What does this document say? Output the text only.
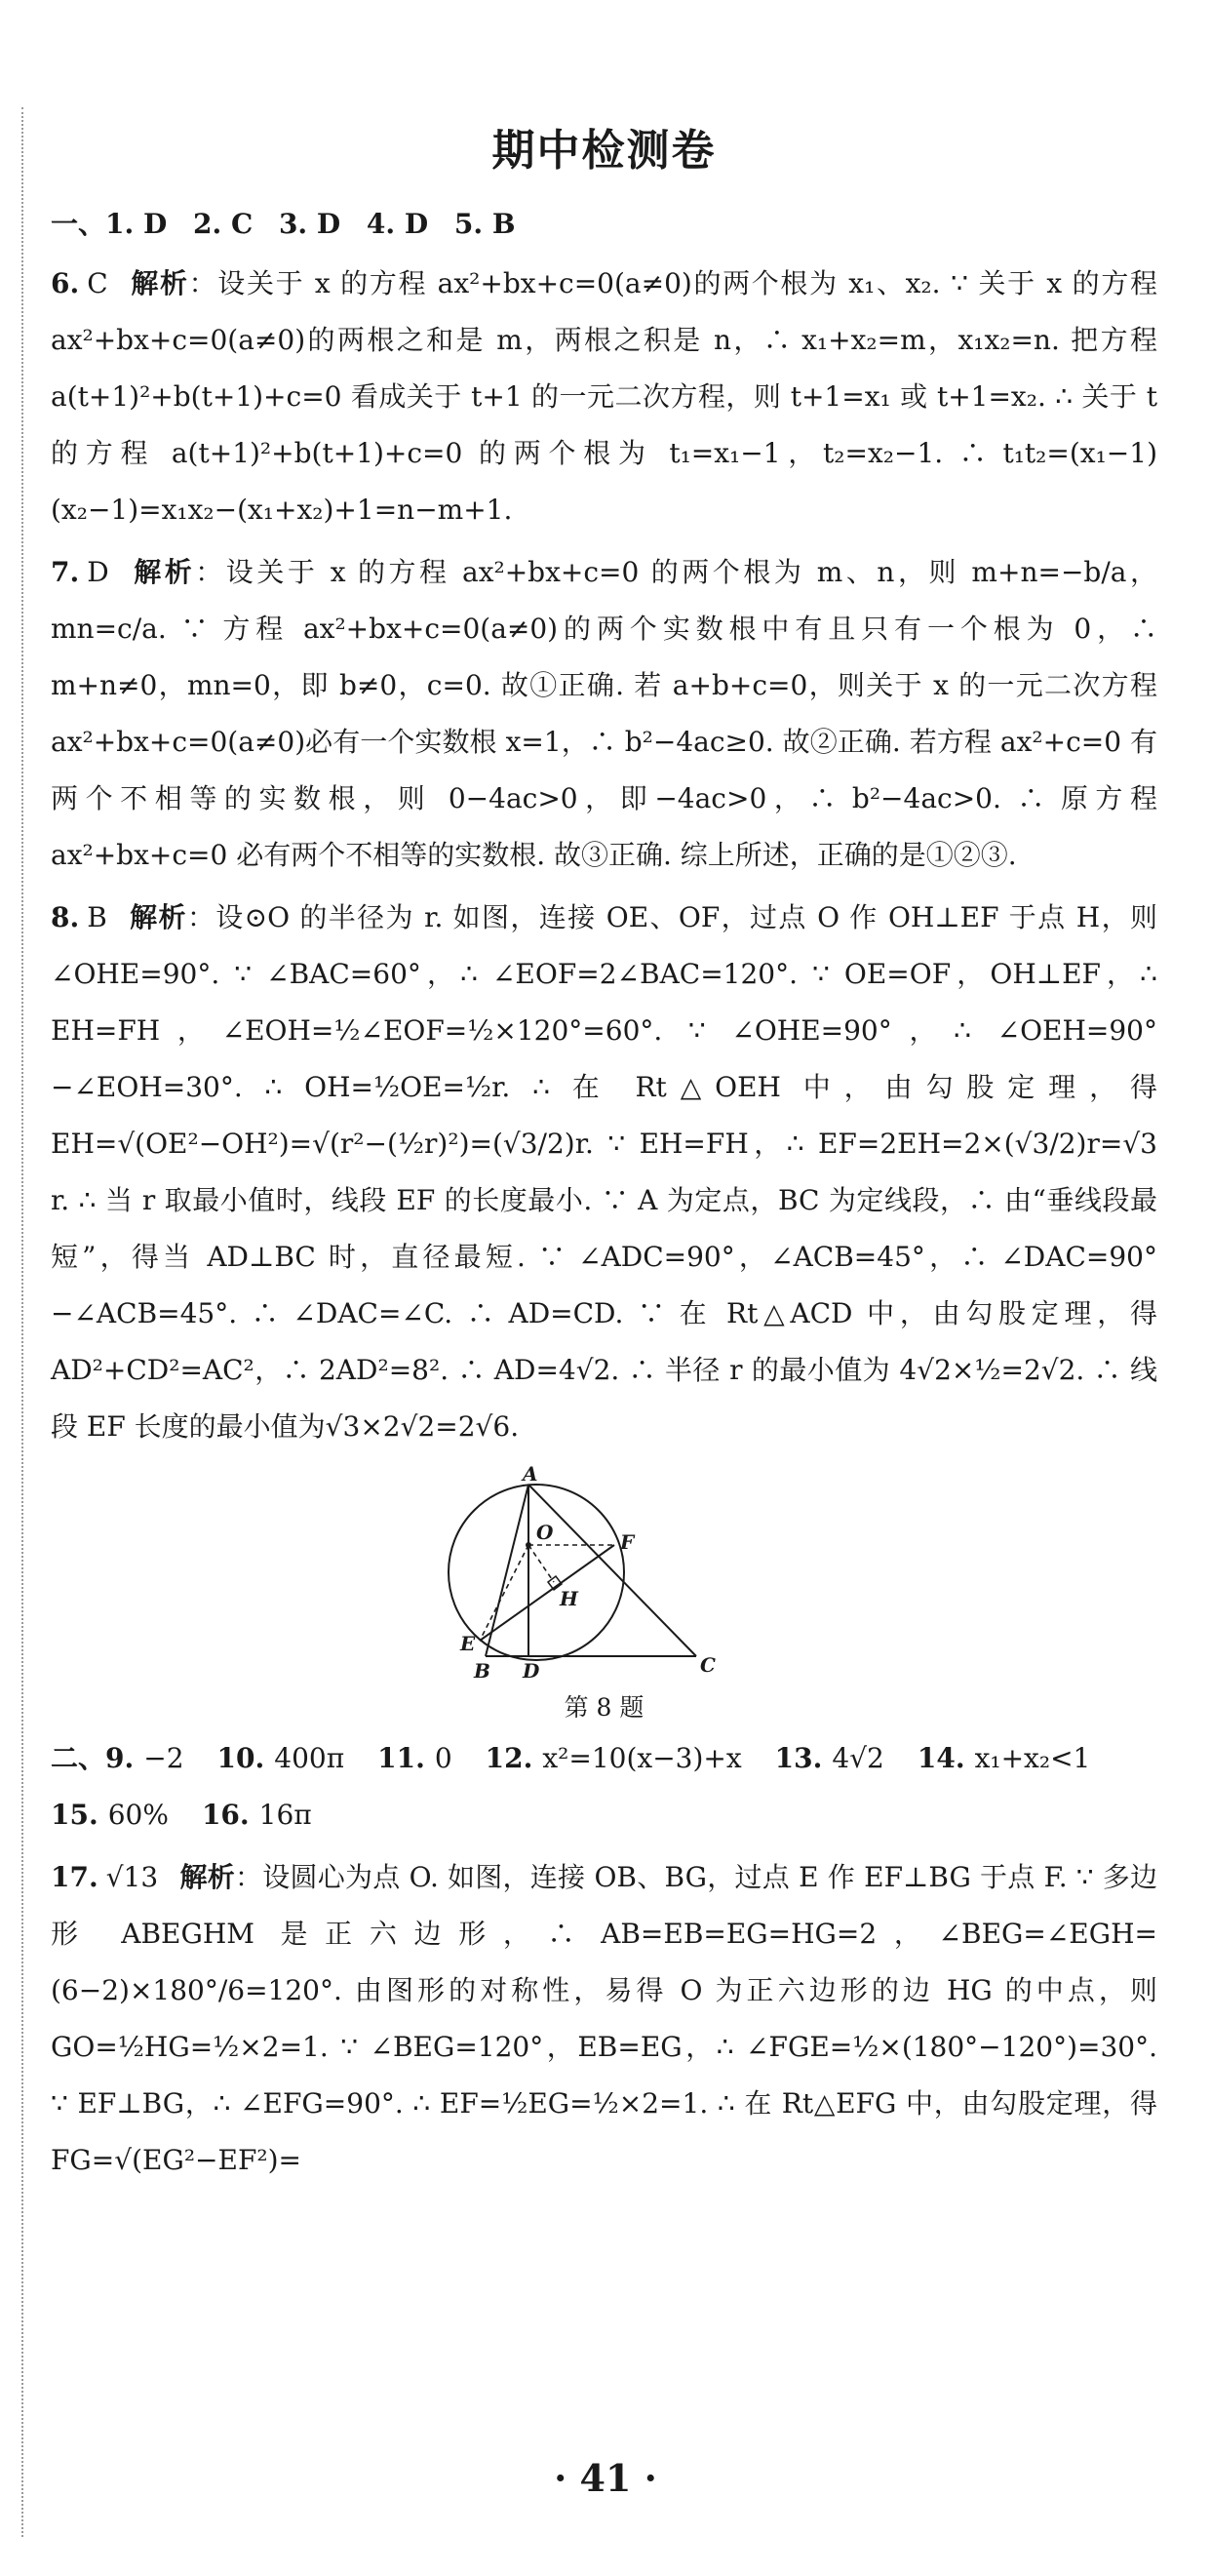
期中检测卷
一、1. D 2. C 3. D 4. D 5. B

6. C 解析：设关于 x 的方程 ax²+bx+c=0(a≠0)的两个根为 x₁、x₂. ∵ 关于 x 的方程 ax²+bx+c=0(a≠0)的两根之和是 m，两根之积是 n，∴ x₁+x₂=m，x₁x₂=n. 把方程 a(t+1)²+b(t+1)+c=0 看成关于 t+1 的一元二次方程，则 t+1=x₁ 或 t+1=x₂. ∴ 关于 t 的方程 a(t+1)²+b(t+1)+c=0 的两个根为 t₁=x₁−1，t₂=x₂−1. ∴ t₁t₂=(x₁−1)(x₂−1)=x₁x₂−(x₁+x₂)+1=n−m+1.

7. D 解析：设关于 x 的方程 ax²+bx+c=0 的两个根为 m、n，则 m+n=−b/a，mn=c/a. ∵ 方程 ax²+bx+c=0(a≠0)的两个实数根中有且只有一个根为 0，∴ m+n≠0，mn=0，即 b≠0，c=0. 故①正确. 若 a+b+c=0，则关于 x 的一元二次方程 ax²+bx+c=0(a≠0)必有一个实数根 x=1，∴ b²−4ac≥0. 故②正确. 若方程 ax²+c=0 有两个不相等的实数根，则 0−4ac>0，即−4ac>0，∴ b²−4ac>0. ∴ 原方程 ax²+bx+c=0 必有两个不相等的实数根. 故③正确. 综上所述，正确的是①②③.

8. B 解析：设⊙O 的半径为 r. 如图，连接 OE、OF，过点 O 作 OH⊥EF 于点 H，则∠OHE=90°. ∵ ∠BAC=60°，∴ ∠EOF=2∠BAC=120°. ∵ OE=OF，OH⊥EF，∴ EH=FH，∠EOH=½∠EOF=½×120°=60°. ∵ ∠OHE=90°，∴ ∠OEH=90°−∠EOH=30°. ∴ OH=½OE=½r. ∴ 在 Rt△OEH 中，由勾股定理，得 EH=√(OE²−OH²)=√(r²−(½r)²)=(√3/2)r. ∵ EH=FH，∴ EF=2EH=2×(√3/2)r=√3 r. ∴ 当 r 取最小值时，线段 EF 的长度最小. ∵ A 为定点，BC 为定线段，∴ 由“垂线段最短”，得当 AD⊥BC 时，直径最短. ∵ ∠ADC=90°，∠ACB=45°，∴ ∠DAC=90°−∠ACB=45°. ∴ ∠DAC=∠C. ∴ AD=CD. ∵ 在 Rt△ACD 中，由勾股定理，得 AD²+CD²=AC²，∴ 2AD²=8². ∴ AD=4√2. ∴ 半径 r 的最小值为 4√2×½=2√2. ∴ 线段 EF 长度的最小值为√3×2√2=2√6.

A
O	F
H
E
B D	C
第 8 题
二、9. −2 10. 400π 11. 0 12. x²=10(x−3)+x 13. 4√2 14. x₁+x₂<1
15. 60% 16. 16π

17. √13 解析：设圆心为点 O. 如图，连接 OB、BG，过点 E 作 EF⊥BG 于点 F. ∵ 多边形 ABEGHM 是正六边形，∴ AB=EB=EG=HG=2，∠BEG=∠EGH=(6−2)×180°/6=120°. 由图形的对称性，易得 O 为正六边形的边 HG 的中点，则 GO=½HG=½×2=1. ∵ ∠BEG=120°，EB=EG，∴ ∠FGE=½×(180°−120°)=30°. ∵ EF⊥BG，∴ ∠EFG=90°. ∴ EF=½EG=½×2=1. ∴ 在 Rt△EFG 中，由勾股定理，得 FG=√(EG²−EF²)=

· 41 ·
